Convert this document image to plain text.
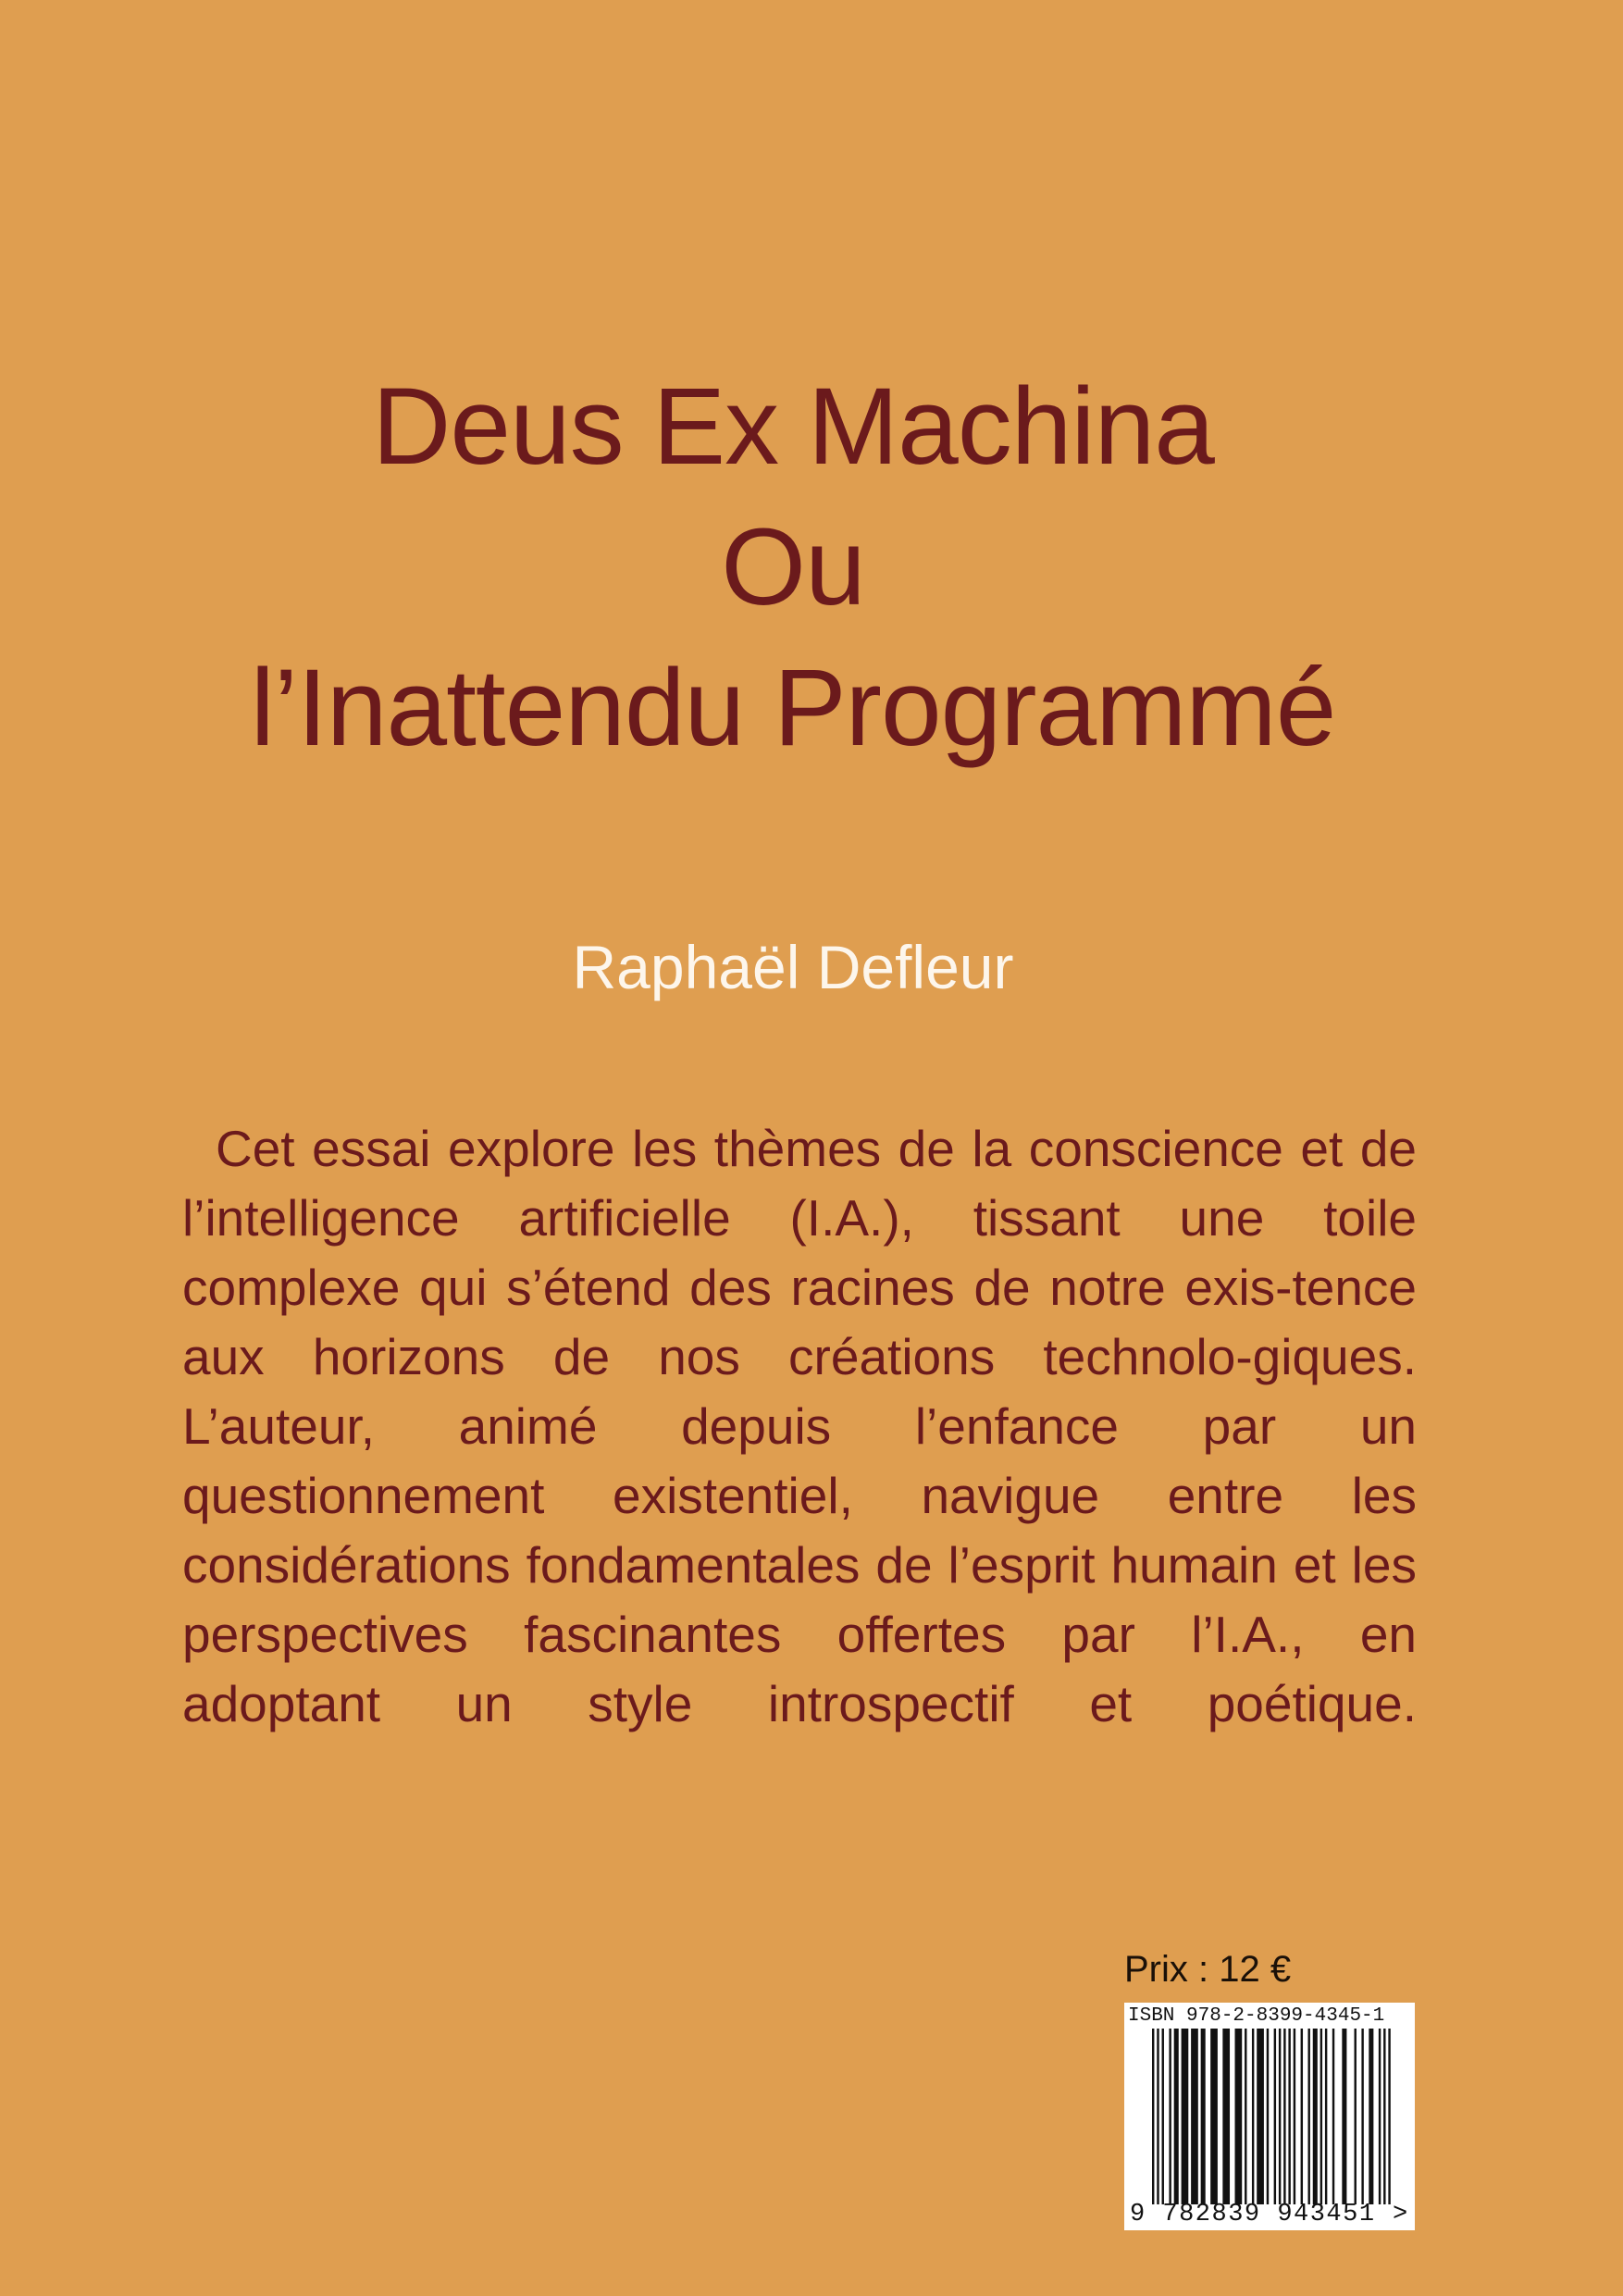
Deus Ex Machina
Ou
l’Inattendu Programmé
Raphaël Defleur

Cet essai explore les thèmes de la conscience et de l’intelligence artificielle (I.A.), tissant une toile complexe qui s’étend des racines de notre exis-tence aux horizons de nos créations technolo-giques. L’auteur, animé depuis l’enfance par un questionnement existentiel, navigue entre les considérations fondamentales de l’esprit humain et les perspectives fascinantes offertes par l’I.A., en adoptant un style introspectif et poétique.

Prix : 12 €
ISBN 978-2-8399-4345-1
9 782839 943451 >
